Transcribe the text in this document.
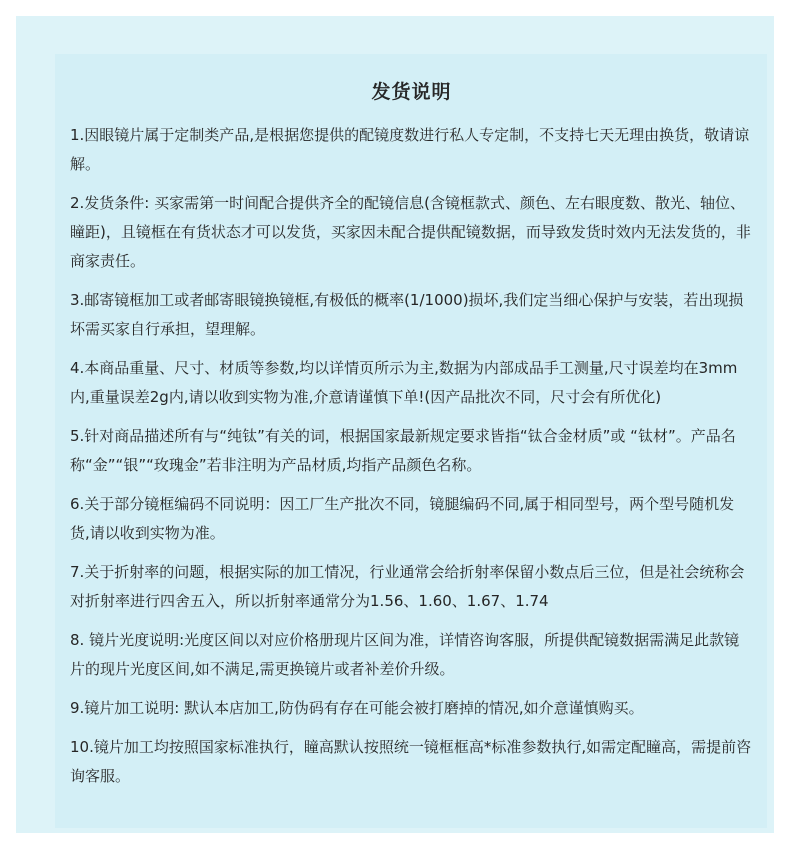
发货说明

1.因眼镜片属于定制类产品,是根据您提供的配镜度数进行私人专定制，不支持七天无理由换货，敬请谅解。

2.发货条件: 买家需第一时间配合提供齐全的配镜信息(含镜框款式、颜色、左右眼度数、散光、轴位、瞳距)，且镜框在有货状态才可以发货，买家因未配合提供配镜数据，而导致发货时效内无法发货的，非商家责任。

3.邮寄镜框加工或者邮寄眼镜换镜框,有极低的概率(1/1000)损坏,我们定当细心保护与安装，若出现损坏需买家自行承担，望理解。

4.本商品重量、尺寸、材质等参数,均以详情页所示为主,数据为内部成品手工测量,尺寸误差均在3mm内,重量误差2g内,请以收到实物为准,介意请谨慎下单!(因产品批次不同，尺寸会有所优化)

5.针对商品描述所有与“纯钛”有关的词，根据国家最新规定要求皆指“钛合金材质”或 “钛材”。产品名称“金”“银”“玫瑰金”若非注明为产品材质,均指产品颜色名称。

6.关于部分镜框编码不同说明：因工厂生产批次不同，镜腿编码不同,属于相同型号，两个型号随机发货,请以收到实物为准。

7.关于折射率的问题，根据实际的加工情况，行业通常会给折射率保留小数点后三位，但是社会统称会对折射率进行四舍五入，所以折射率通常分为1.56、1.60、1.67、1.74

8. 镜片光度说明:光度区间以对应价格册现片区间为准，详情咨询客服，所提供配镜数据需满足此款镜片的现片光度区间,如不满足,需更换镜片或者补差价升级。

9.镜片加工说明: 默认本店加工,防伪码有存在可能会被打磨掉的情况,如介意谨慎购买。

10.镜片加工均按照国家标准执行，瞳高默认按照统一镜框框高*标准参数执行,如需定配瞳高，需提前咨询客服。
